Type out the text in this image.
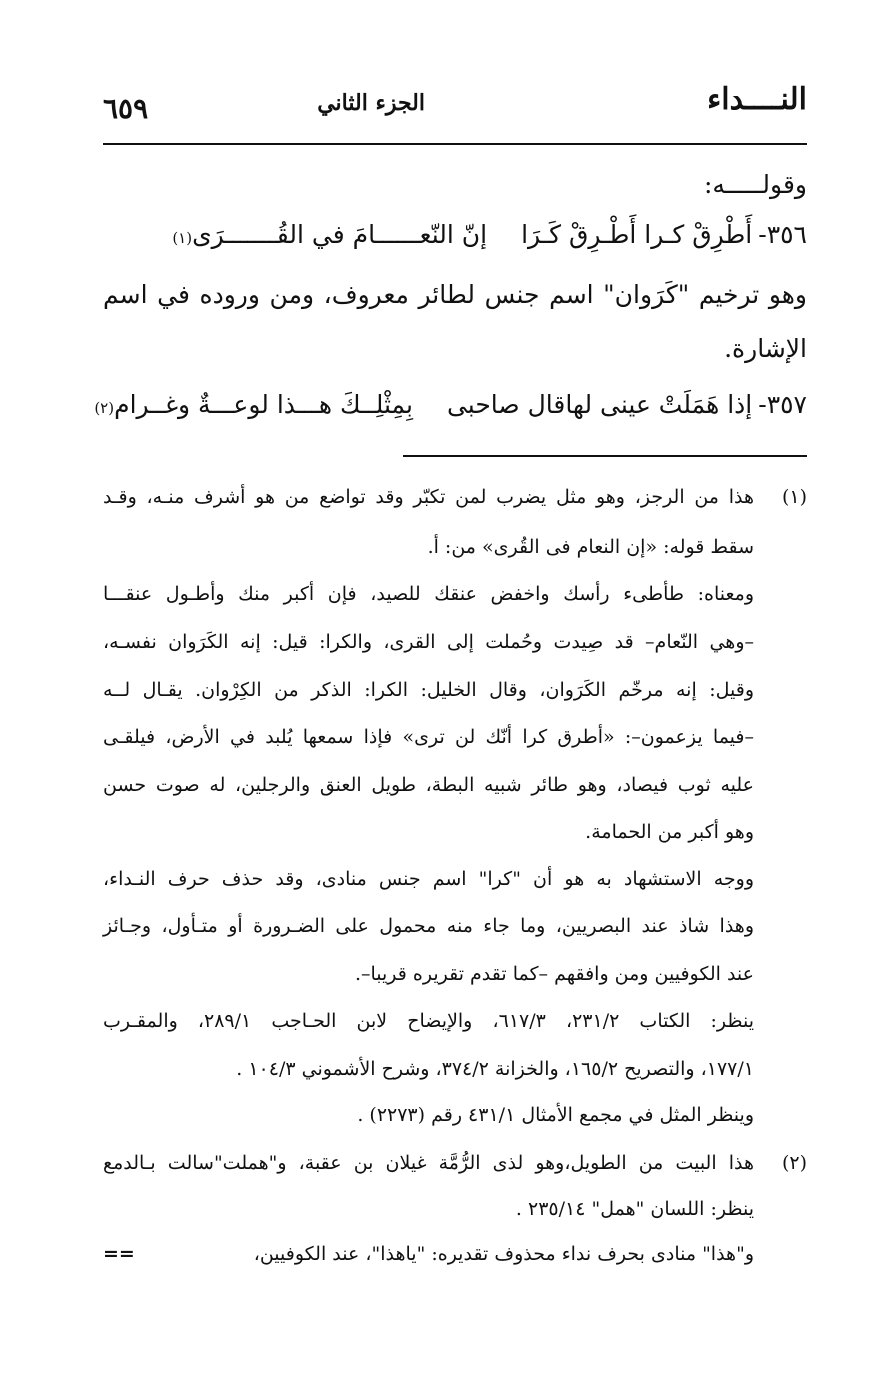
النــــداء
الجزء الثاني
٦٥٩
وقولـــــه:
٣٥٦-
أَطْرِقْ كـرا أَطْـرِقْ كَـرَا
إنّ النّعــــــامَ في القُـــــــرَى
(١)
وهو ترخيم "كَرَوان" اسم جنس لطائر معروف، ومن وروده في اسم
الإشارة.
٣٥٧-
إذا هَمَلَتْ عينى لهاقال صاحبى
بِمِثْلِــكَ هـــذا لوعـــةٌ وغــرام
(٢)
(١)
هذا من الرجز، وهو مثل يضرب لمن تكبّر وقد تواضع من هو أشرف منـه، وقـد
سقط قوله: «إن النعام فى القُرى» من: أ.
ومعناه: طأطىء رأسك واخفض عنقك للصيد، فإن أكبر منك وأطـول عنقـــا
–وهي النّعام– قد صِيدت وحُملت إلى القرى، والكرا: قيل: إنه الكَرَوان نفسـه،
وقيل: إنه مرخّم الكَرَوان، وقال الخليل: الكرا: الذكر من الكِرْوان. يقـال لــه
–فيما يزعمون–: «أطرق كرا أنّك لن ترى» فإذا سمعها يُلبد في الأرض، فيلقـى
عليه ثوب فيصاد، وهو طائر شبيه البطة، طويل العنق والرجلين، له صوت حسن
وهو أكبر من الحمامة.
ووجه الاستشهاد به هو أن "كرا" اسم جنس منادى، وقد حذف حرف النـداء،
وهذا شاذ عند البصريين، وما جاء منه محمول على الضـرورة أو متـأول، وجـائز
عند الكوفيين ومن وافقهم –كما تقدم تقريره قريبا–.
ينظر: الكتاب ٢٣١/٢، ٦١٧/٣، والإيضاح لابن الحـاجب ٢٨٩/١، والمقـرب
١٧٧/١، والتصريح ١٦٥/٢، والخزانة ٣٧٤/٢، وشرح الأشموني ١٠٤/٣ .
وينظر المثل في مجمع الأمثال ٤٣١/١ رقم (٢٢٧٣) .
(٢)
هذا البيت من الطويل،وهو لذى الرُّمَّة غيلان بن عقبة، و"هملت"سالت بـالدمع
ينظر: اللسان "همل" ٢٣٥/١٤ .
و"هذا" منادى بحرف نداء محذوف تقديره: "ياهذا"، عند الكوفيين،
==
